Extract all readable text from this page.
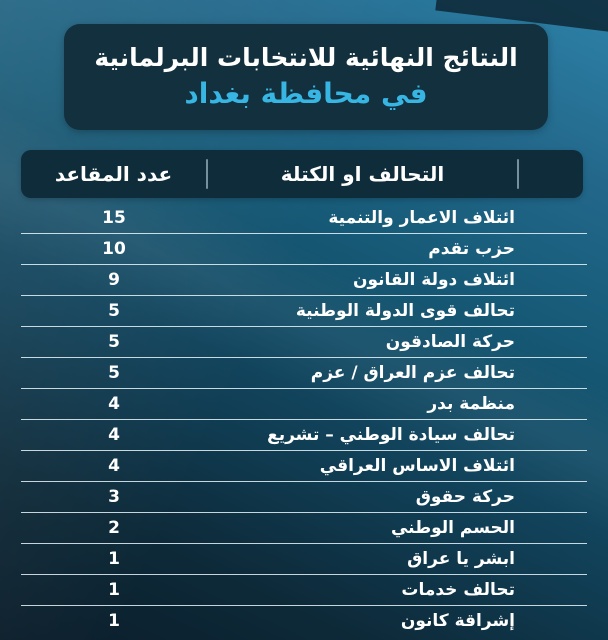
النتائج النهائية للانتخابات البرلمانية
في محافظة بغداد
التحالف او الكتلة
عدد المقاعد
ائتلاف الاعمار والتنمية
15
حزب تقدم
10
ائتلاف دولة القانون
9
تحالف قوى الدولة الوطنية
5
حركة الصادقون
5
تحالف عزم العراق / عزم
5
منظمة بدر
4
تحالف سيادة الوطني – تشريع
4
ائتلاف الاساس العراقي
4
حركة حقوق
3
الحسم الوطني
2
ابشر يا عراق
1
تحالف خدمات
1
إشراقة كانون
1
